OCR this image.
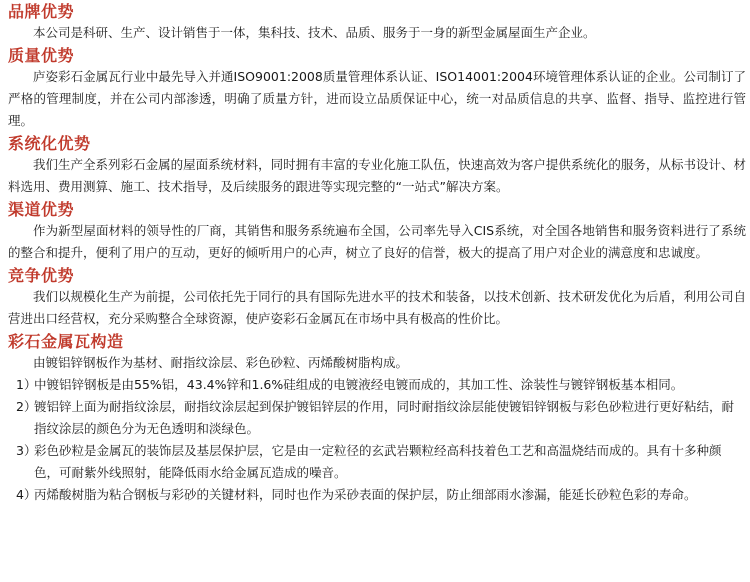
品牌优势

本公司是科研、生产、设计销售于一体，集科技、技术、品质、服务于一身的新型金属屋面生产企业。

质量优势

庐姿彩石金属瓦行业中最先导入并通ISO9001:2008质量管理体系认证、ISO14001:2004环境管理体系认证的企业。公司制订了严格的管理制度，并在公司内部渗透，明确了质量方针，进而设立品质保证中心，统一对品质信息的共享、监督、指导、监控进行管理。

系统化优势

我们生产全系列彩石金属的屋面系统材料，同时拥有丰富的专业化施工队伍，快速高效为客户提供系统化的服务，从标书设计、材料选用、费用测算、施工、技术指导，及后续服务的跟进等实现完整的“一站式”解决方案。

渠道优势

作为新型屋面材料的领导性的厂商，其销售和服务系统遍布全国，公司率先导入CIS系统，对全国各地销售和服务资料进行了系统的整合和提升，便利了用户的互动，更好的倾听用户的心声，树立了良好的信誉，极大的提高了用户对企业的满意度和忠诚度。

竞争优势

我们以规模化生产为前提，公司依托先于同行的具有国际先进水平的技术和装备，以技术创新、技术研发优化为后盾，利用公司自营进出口经营权，充分采购整合全球资源，使庐姿彩石金属瓦在市场中具有极高的性价比。

彩石金属瓦构造

由镀铝锌钢板作为基材、耐指纹涂层、彩色砂粒、丙烯酸树脂构成。

1）
中镀铝锌钢板是由55%铝，43.4%锌和1.6%硅组成的电镀液经电镀而成的，其加工性、涂装性与镀锌钢板基本相同。
2）
镀铝锌上面为耐指纹涂层，耐指纹涂层起到保护镀铝锌层的作用，同时耐指纹涂层能使镀铝锌钢板与彩色砂粒进行更好粘结，耐指纹涂层的颜色分为无色透明和淡绿色。
3）
彩色砂粒是金属瓦的装饰层及基层保护层，它是由一定粒径的玄武岩颗粒经高科技着色工艺和高温烧结而成的。具有十多种颜色，可耐紫外线照射，能降低雨水给金属瓦造成的噪音。
4）
丙烯酸树脂为粘合钢板与彩砂的关键材料，同时也作为采砂表面的保护层，防止细部雨水渗漏，能延长砂粒色彩的寿命。
